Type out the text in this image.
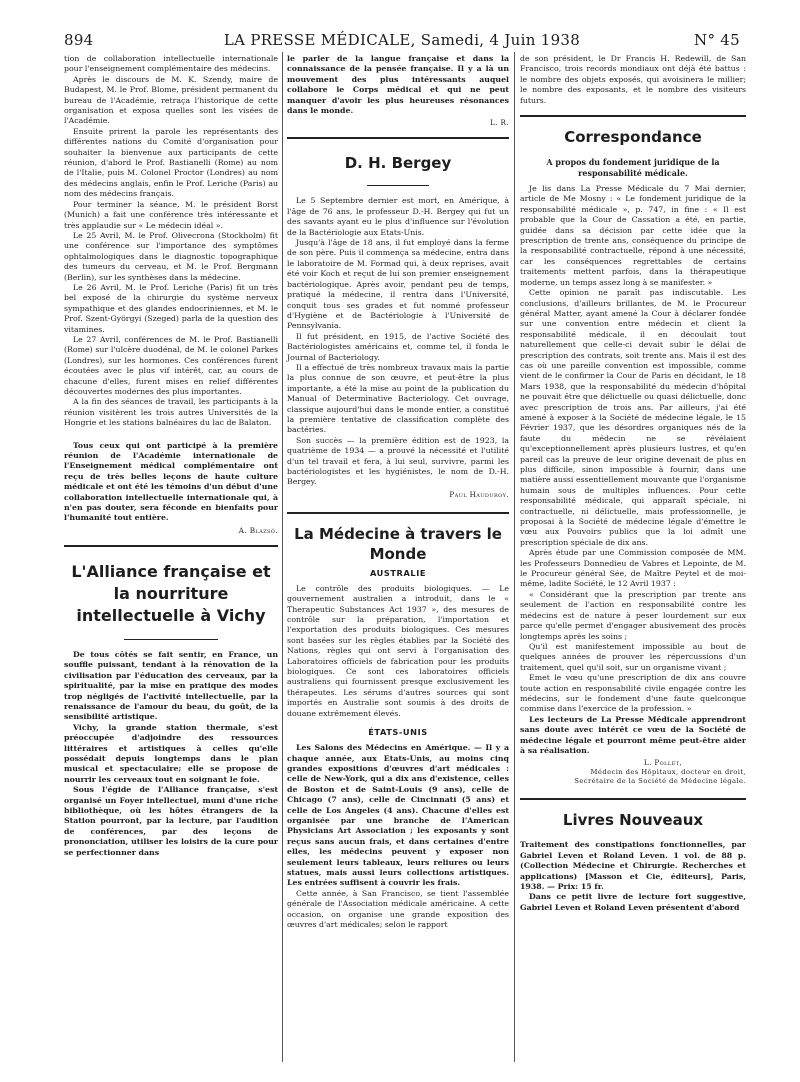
894	LA PRESSE MÉDICALE, Samedi, 4 Juin 1938	N° 45

tion de collaboration intellectuelle internationale pour l'enseignement complémentaire des médecins.

Après le discours de M. K. Szendy, maire de Budapest, M. le Prof. Blome, président permanent du bureau de l'Académie, retraça l'historique de cette organisation et exposa quelles sont les visées de l'Académie.

Ensuite prirent la parole les représentants des différentes nations du Comité d'organisation pour souhaiter la bienvenue aux participants de cette réunion, d'abord le Prof. Bastianelli (Rome) au nom de l'Italie, puis M. Colonel Proctor (Londres) au nom des médecins anglais, enfin le Prof. Leriche (Paris) au nom des médecins français.

Pour terminer la séance, M. le président Borst (Munich) a fait une conférence très intéressante et très applaudie sur « Le médecin idéal ».

Le 25 Avril, M. le Prof. Olivecrona (Stockholm) fit une conférence sur l'importance des symptômes ophtalmologiques dans le diagnostic topographique des tumeurs du cerveau, et M. le Prof. Bergmann (Berlin), sur les synthèses dans la médecine.

Le 26 Avril, M. le Prof. Leriche (Paris) fit un très bel exposé de la chirurgie du système nerveux sympathique et des glandes endocriniennes, et M. le Prof. Szent-Györgyi (Szeged) parla de la question des vitamines.

Le 27 Avril, conférences de M. le Prof. Bastianelli (Rome) sur l'ulcère duodénal, de M. le colonel Parkes (Londres), sur les hormones. Ces conférences furent écoutées avec le plus vif intérêt, car, au cours de chacune d'elles, furent mises en relief différentes découvertes modernes des plus importantes.

A la fin des séances de travail, les participants à la réunion visitèrent les trois autres Universités de la Hongrie et les stations balnéaires du lac de Balaton.

Tous ceux qui ont participé à la première réunion de l'Académie internationale de l'Enseignement médical complémentaire ont reçu de très belles leçons de haute culture médicale et ont été les témoins d'un début d'une collaboration intellectuelle internationale qui, à n'en pas douter, sera féconde en bienfaits pour l'humanité tout entière.

A. Blazsó.

L'Alliance française et la nourriture intellectuelle à Vichy

De tous côtés se fait sentir, en France, un souffle puissant, tendant à la rénovation de la civilisation par l'éducation des cerveaux, par la spiritualité, par la mise en pratique des modes trop négligés de l'activité intellectuelle, par la renaissance de l'amour du beau, du goût, de la sensibilité artistique.

Vichy, la grande station thermale, s'est préoccupée d'adjoindre des ressources littéraires et artistiques à celles qu'elle possédait depuis longtemps dans le plan musical et spectaculaire; elle se propose de nourrir les cerveaux tout en soignant le foie.

Sous l'égide de l'Alliance française, s'est organisé un Foyer intellectuel, muni d'une riche bibliothèque, où les hôtes étrangers de la Station pourront, par la lecture, par l'audition de conférences, par des leçons de prononciation, utiliser les loisirs de la cure pour se perfectionner dans

le parler de la langue française et dans la connaissance de la pensée française. Il y a là un mouvement des plus intéressants auquel collabore le Corps médical et qui ne peut manquer d'avoir les plus heureuses résonances dans le monde.

L. R.

D. H. Bergey

Le 5 Septembre dernier est mort, en Amérique, à l'âge de 76 ans, le professeur D.-H. Bergey qui fut un des savants ayant eu le plus d'influence sur l'évolution de la Bactériologie aux Etats-Unis.

Jusqu'à l'âge de 18 ans, il fut employé dans la ferme de son père. Puis il commença sa médecine, entra dans le laboratoire de M. Formad qui, à deux reprises, avait été voir Koch et reçut de lui son premier enseignement bactériologique. Après avoir, pendant peu de temps, pratiqué la médecine, il rentra dans l'Université, conquit tous ses grades et fut nommé professeur d'Hygiène et de Bactériologie à l'Université de Pennsylvania.

Il fut président, en 1915, de l'active Société des Bactériologistes américains et, comme tel, il fonda le Journal of Bacteriology.

Il a effectué de très nombreux travaux mais la partie la plus connue de son œuvre, et peut-être la plus importante, a été la mise au point de la publication du Manual of Determinative Bacteriology. Cet ouvrage, classique aujourd'hui dans le monde entier, a constitué la première tentative de classification complète des bactéries.

Son succès — la première édition est de 1923, la quatrième de 1934 — a prouvé la nécessité et l'utilité d'un tel travail et fera, à lui seul, survivre, parmi les bactériologistes et les hygiénistes, le nom de D.-H. Bergey.

Paul Hauduroy.

La Médecine à travers le Monde
AUSTRALIE

Le contrôle des produits biologiques. — Le gouvernement australien a introduit, dans le « Therapeutic Substances Act 1937 », des mesures de contrôle sur la préparation, l'importation et l'exportation des produits biologiques. Ces mesures sont basées sur les règles établies par la Société des Nations, règles qui ont servi à l'organisation des Laboratoires officiels de fabrication pour les produits biologiques. Ce sont ces laboratoires officiels australiens qui fournissent presque exclusivement les thérapeutes. Les sérums d'autres sources qui sont importés en Australie sont soumis à des droits de douane extrêmement élevés.

ÉTATS-UNIS

Les Salons des Médecins en Amérique. — Il y a chaque année, aux Etats-Unis, au moins cinq grandes expositions d'œuvres d'art médicales : celle de New-York, qui a dix ans d'existence, celles de Boston et de Saint-Louis (9 ans), celle de Chicago (7 ans), celle de Cincinnati (5 ans) et celle de Los Angeles (4 ans). Chacune d'elles est organisée par une branche de l'American Physicians Art Association ; les exposants y sont reçus sans aucun frais, et dans certaines d'entre elles, les médecins peuvent y exposer non seulement leurs tableaux, leurs reliures ou leurs statues, mais aussi leurs collections artistiques. Les entrées suffisent à couvrir les frais.

Cette année, à San Francisco, se tient l'assemblée générale de l'Association médicale américaine. A cette occasion, on organise une grande exposition des œuvres d'art médicales; selon le rapport

de son président, le Dr Francis H. Redewill, de San Francisco, trois records mondiaux ont déjà été battus : le nombre des objets exposés, qui avoisinera le millier; le nombre des exposants, et le nombre des visiteurs futurs.

Correspondance
A propos du fondement juridique de la responsabilité médicale.

Je lis dans La Presse Médicale du 7 Mai dernier, article de Me Mosny : « Le fondement juridique de la responsabilité médicale », p. 747, in fine : « Il est probable que la Cour de Cassation a été, en partie, guidée dans sa décision par cette idée que la prescription de trente ans, conséquence du principe de la responsabilité contractuelle, répond à une nécessité, car les conséquences regrettables de certains traitements mettent parfois, dans la thérapeutique moderne, un temps assez long à se manifester. »

Cette opinion ne paraît pas indiscutable. Les conclusions, d'ailleurs brillantes, de M. le Procureur général Matter, ayant amené la Cour à déclarer fondée sur une convention entre médecin et client la responsabilité médicale, il en découlait tout naturellement que celle-ci devait subir le délai de prescription des contrats, soit trente ans. Mais il est des cas où une pareille convention est impossible, comme vient de le confirmer la Cour de Paris en décidant, le 18 Mars 1938, que la responsabilité du médecin d'hôpital ne pouvait être que délictuelle ou quasi délictuelle, donc avec prescription de trois ans. Par ailleurs, j'ai été amené à exposer à la Société de médecine légale, le 15 Février 1937, que les désordres organiques nés de la faute du médecin ne se révélaient qu'exceptionnellement après plusieurs lustres, et qu'en pareil cas la preuve de leur origine devenait de plus en plus difficile, sinon impossible à fournir, dans une matière aussi essentiellement mouvante que l'organisme humain sous de multiples influences. Pour cette responsabilité médicale, qui apparaît spéciale, ni contractuelle, ni délictuelle, mais professionnelle, je proposai à la Société de médecine légale d'émettre le vœu aux Pouvoirs publics que la loi admît une prescription spéciale de dix ans.

Après étude par une Commission composée de MM. les Professeurs Donnedieu de Vabres et Lepointe, de M. le Procureur général Sée, de Maître Peytel et de moi-même, ladite Société, le 12 Avril 1937 :

« Considérant que la prescription par trente ans seulement de l'action en responsabilité contre les médecins est de nature à peser lourdement sur eux parce qu'elle permet d'engager abusivement des procès longtemps après les soins ;

Qu'il est manifestement impossible au bout de quelques années de prouver les répercussions d'un traitement, quel qu'il soit, sur un organisme vivant ;

Emet le vœu qu'une prescription de dix ans couvre toute action en responsabilité civile engagée contre les médecins, sur le fondement d'une faute quelconque commise dans l'exercice de la profession. »

Les lecteurs de La Presse Médicale apprendront sans doute avec intérêt ce vœu de la Société de médecine légale et pourront même peut-être aider à sa réalisation.

L. Pollet,

Médecin des Hôpitaux, docteur en droit,

Secrétaire de la Société de Médecine légale.

Livres Nouveaux

Traitement des constipations fonctionnelles, par Gabriel Leven et Roland Leven. 1 vol. de 88 p. (Collection Médecine et Chirurgie. Recherches et applications) [Masson et Cie, éditeurs], Paris, 1938. — Prix: 15 fr.

Dans ce petit livre de lecture fort suggestive, Gabriel Leven et Roland Leven présentent d'abord
